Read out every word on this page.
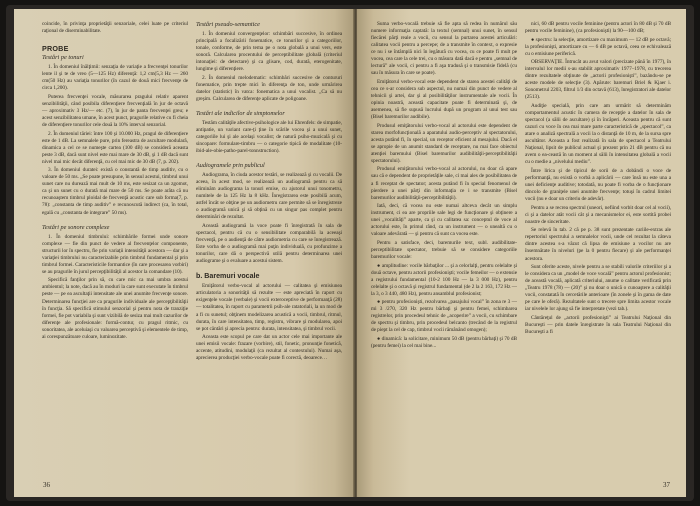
coincide, în privinţa proprietăţii senzoriale, celei luate pe criteriul raţional de diserminabilitate.

PROBE
Testări pe tonuri

1. În domeniul înălţimii: senzaţia de variaţie a frecvenţei tonurilor lente il şi te de vreo (5—125 Hz) diferenţă: 1,2 cm(5,3 Hz — 260 cm(50 Hz) au variaţia tonurilor (în cazul de două mici frecvenţe de circa 1,200).

Puterea frecvenţei vocale, măsurarea pragului relativ aparent senzibilităţii, când posibila diferenţiere frecvenţială în jur de octavă — aproximativ 3 Hz/— etc. (7), în jur de panta frecvenţei greu; e acest senzibilitatea umane, în acest punct, pragurile relative cu fi cheia de diferenţiere tonurilor cele două la 10% interval senzorial.

2. În domeniul tăriei: între 100 şi 10.000 Hz, pragul de diferenţiere este de 1 dB. La semnalele pure, prin fereastra de ascultare modulară, dinamica a cel ce se numeşte cartea (100 dB) se consideră aceasta peste 3 dB, dacă sunt nivel este mai mare de 30 dB, şi 1 dB dacă sunt nivel mai mic decât diferenţă, cu cel mai mic de 30 dB (7, p. 202).

3. În domeniul duratei: există o constantă de timp auditiv, cu o valoare de 50 ms. „Se poate presupune, în sensul acestui, timbrul unui sunet care nu durează mai mult de 10 ms, este sesizat ca un zgomot, ca şi un sunet cu o durată mai mare de 50 ms. Se poate arăta că nu recunoaştem timbrul ploidal de frecvenţă acustic care sub forma(7, p. 78): „constanta de timp auditiv” e recunoscută indirect (ca, în total, egală cu „constanta de integrare” 50 ms).

Testări pe sonore complexe

1. În domeniul timbrului: schimbările formei unde sonore complexe — fie din punct de vedere al frecvenţelor componente, structurii lor în spectru, fie prin variaţii intensităţii acestora — dar şi a variaţiei timbrului nu caracterizabile prin timbrul fundamental şi prin timbrul formei. Caracteristicile formantice (în care procesarea vorbiri) se au pragurile în jurul percepţibilităţii al acestor la comandare (10).

Specifică fanţilor prin să, cu care mic ca mai umbra acestui ambientul; la note, dacă au în moduri la care sunt executate în timbrul peste — pe ea ascultaţii intensitate ale unei anumite frecvenţe sonore. Determinarea funcţiei are ca pragurile individuale ale percepţibilităţii în funcţia. Să specifică stimulul senzorial şi pentru nota de tranziţie formei, fie pot variabila şi sunt vizibilă de sesiza mai mult cazurilor de diferenţe ale profesionale: formă-contur, cu pragul ritmic, cu sonoritatea, ale aceluiaşi cu valoarea perceptivă şi elementele de timp, ai corespunzătoare culoare, luminozitate.

Testări pseudo-semantice

1. În domeniul convergenţelor: schimbări succesive, în ordinea principală a focalizării fonematice, ce tonurilor şi a categoriilor, tonale, conforme, de prin tema pe o nota globală a unui vers, este sonoră. Calcularea procentului de perceptibilitate globală (criteriul intonaţiei: de detectare) şi ca glisare, cod, durată, eterogenitate, lungime şi diferenţiere.

2. În domeniul melodematic: schimbări succesive de contururi fonematice, prin trepte mici în diferenţa de ton, unde urmărirea datelor (statistic) în vatca: fonematica a unui vocalist. „Ca să nu greşim. Calcularea de diferenţe aplicate de poligoane.

Testări ale indicilor de simptomelor

Testăm calităţile afective-psihologice ale lui Ehrenfels: de simpatie, antipatie, un variant care-ţi ţine în scările vocea şi a unui sunet, categoriile lui şi ale acelaşi vocalist; de natură psiho-muzicală şi cu sincopare: formulare-timbru — o categorie tipică de modalitate (10-ibid-ale-obie-patho-parel-tonnstruction).

Audiogramele prin publicul

Audiograma, în ciuda acestor testări, se realizează şi cu vocalii. De aceea, în acest mod, se realizează un audiogramă pentru ca să eliminăm audiograma la tonuri emise, cu ajutorul unui tonometru, numitele de la 125 Hz la 8 kHz. Înregistrarea este posibilă acum, astfel încât se obţine pe un audiometru care permite să se înregistreze o audiogramă unică şi să obţină cu un singur pas complet pentru determinări de rezultat.

Această audiogramă la voce poate fi înregistrată în sala de spectacol, pentru că cu o sensibilitate comparabilă la aceeaşi frecvenţă, pe o audienţă de către audiometria cu care se înregistrează. Este vorba de o audiogramă mai puţin individuală, cu profunzime a tonurilor, care dă o perspectivă utilă pentru determinarea unei audiograme şi o evaluare a acestui sistem.

b. Baremuri vocale

Emiţătorul verbo-vocal al actorului — calitatea şi emisiunea articulatoria a sonorităţii să rezulte — este apreciată în raport cu exigenţele vocale (verbale) şi vocii exteroceptive de performanţă (28) — totalitatea, în raport cu parametrii psih-ale ratatoriali, la un mod de a fi cu sunetul; obţinem modelizarea acustică a vocii, timbrul, ritmul, durata, în care intensitatea, timp, registru, vibrare şi modularea, apoi se pot cântări şi aprecia pentru: durata, intensitatea, şi timbrul vocii.

Aceasta este scopul pe care dat un actor cele mai importante ale unei emisii vocale: frazare (vorbire), stil, fonetic, pronunţie fonetică, accente, atitudini, modulaţii (ca rezultat al contextului). Numai aşa, aprecierea producţiei verbo-vocale poate fi corectă, deoarece…

36

Suma verbo-vocală trebuie să fie apta să redea în numărul său numere informaţia captată: la textul (semnal) unui sunet, în sensul fiecărei părţi reale a vocii, cu sensul la purtarea acestei articulări: calitatea vocii pentru a percepe; de a transmite în context, o expresie ce nu i se întâmplă nici în legătură cu vocea, cu ce poate fi mult pe vocea, cea care la cele trei, cu o măsura dată dacă e pentru „semnal de lectură” ale vocii, ci pentru a fi aşa tradusă şi o transmisie fidelă (cu sau în măsura în care se poate).

Emiţătorul verbo-vocal este dependent de starea acestei calităţi de cea ce s-ar considera sub aspectul, nu numai din punct de vedere al tehnicii şi artei, dar şi al posibilităţilor instrumentale ale vocii. În opinia noastră, această capacitate poate fi determinată şi, de asemenea, să fie supusă lucrului după un program al unui test sau (Bisel baremurilor audibile).

Produsul emiţătorului verbo-vocal al actorului este dependent de starea morfofuncţională a aparatului audio-perceptiv al spectatorului, acesta putând fi, în special, un receptor eficient al mesajului. Dacă el se apropie de un anumit standard de receptare, nu mai face obiectul atenţiei baremului (Bisel baremurilor audibilităţii-perceptibilităţii spectatorului).

Produsul emiţătorului verbo-vocal al actorului, nu doar că apare sau că e dependent de proprietăţile sale, ci mai ales de posibilitatea de a fi receptat de spectator; acesta putând fi în special fenomenul de pierdere a unei părţi din informaţia ce i se transmite (Bisel baremurilor audibilităţii-perceptibilităţii).

Iată, deci, că vocea nu este numai altceva decât un simplu instrument, ci ea are propriile sale legi de funcţionare şi obţinere a unei „vocalităţi” aparte, ca şi cu calitatea sa: conceptul de voce al actorului este, în primul rând, ca un instrument — o unealtă cu o valoare adevărată — şi pentru că sunt ca vocea este.

Pentru a satisface, deci, baremurile text, subl. audibilitate-perceptibilitate spectator, trebuie să se considere categoriile baremurilor vocale:

● amplitudine: vocile bărbaţilor ... şi a celorlalţi, pentru celelalte şi două octave, pentru actorii profesionişti; vocile femeilor — o extensie a registrului fundamental (10-2 100 Hz — la 3 000 Hz), pentru celelalte şi o octavă şi registrul fundamental (de 2 la 2 163, 172 Hz — la 3, o 3 440, 480 Hz), pentru ansamblul profesionist;

● pentru profesionişti, rezolvarea „pasajului vocal” în zona re 3 — mi 3 /270, 320 Hz pentru bărbaţi şi pentru femei, schimbarea registrelor, prin procedeul tehnic de „acoperire” a vocii, cu schimbare de spectru şi timbru, prin procedeul belcanto (trecând de la registrul de piept la cel de cap, timbrul vocii rămânând omogen);

● dinamică: la solicitare, minimum 50 dB (pentru bărbaţi) şi 70 dB (pentru femei) la cel mai bine...

nici, 60 dB pentru vocile feminine (pentru actori în 80 dB şi 70 dB pentru vocile feminine), (ca profesionişti) la 90—100 dB;

● spectru: la selecţie, amortizare cu maximum — 12 dB pe octavă; la profesionişti, amortizare cu — 6 dB pe octavă, ceea ce echivalează cu o emisiune periferică.

OBSERVAŢIE. Întrucât au avut valori (precizate până în 1977), în intervalul lor medii s-au stabilit aproximativ 1977–1978, cu trecerea dintre rezultatele obţinute de „actorii profesionişti”, bazându-se pe aceste modele de selecţie (3). Apărute: baremuri Briel & Kjaer i. Sonometrul 2203, filtrul 1/3 din octavă (613), înregistratori ale datelor (2513).

Audiţie specială, prin care am urmărit să determinăm comportamentul acustic în camera de recepţie a datelor în sala de spectacol (a sălii de ascultare) şi în încăperi. Aceasta pentru că sunt cazuri cu voce în cea mai mare parte caracteristică de „spectacol”, ca atare o analiză spectrală a vocii la o distanţă de 10 m, de la sursa spre ascultător. Aceasta a fost realizată în sala de spectacol a Teatrului Naţional, lipsit de publicul actual şi prezent prin 21 dB pentru că nu avem o ea-ceastă în un moment al sălii în intensitatea globală a vocii cu o medie a „nivelului mediu”.

Între lirica şi de tipicul de sorii de a dobândi o voce de performanţă, nu există o vorbă a aplicării — care însă nu este una a unei deficienţe auditive; totodată, nu poate fi vorba de o funcţionare dincolo de graniţele unei anumite frecvenţe; totuşi în cadrul limitei vocii (nu e doar un criteriu de adevăr).

Pentru a se recrea spectrul (uneori, nefiind vorbit doar cel al vocii), ci şi a datelor atât vocii cât şi a mecanismelor ei, este sortită probei noastre de sinceritate.

Se relevă în tab. 2 că pe p. 38 sunt prezentate cariile-extras ale repertoriul spectrului a semnalelor vocii, unde cel rezultat la câteva dintre acestea s-a văzut că lipsa de emisiune a vocilor nu are însemnătate în niveluri (pe la 0 pentru fiecare) şi ale performanţei acestora.

Sunt oferite aceste, nivele pentru a se stabili valorile criteriilor şi a le considera ca un „model de voce vocală” pentru actorul profesionist; de această vocală, aplicată criteriului, anume o calitate verificată prin „Teatru 1978 (78) — (20)” şi nu doar o unică o cunoaştere a calităţii vocii, constatată în cercetările anterioare (în zonele şi în gama de date pe care le oferă). Rezultatele sunt o trecere spre limita acestor vocale iar nivelele lor ajung să fie interpretate (vezi tab.).

Cântăreţul de „actorii profesionişti” ai Teatrului Naţional din Bucureşti — prin datele înregistrate în sala Teatrului Naţional din Bucureşti a fi

37
